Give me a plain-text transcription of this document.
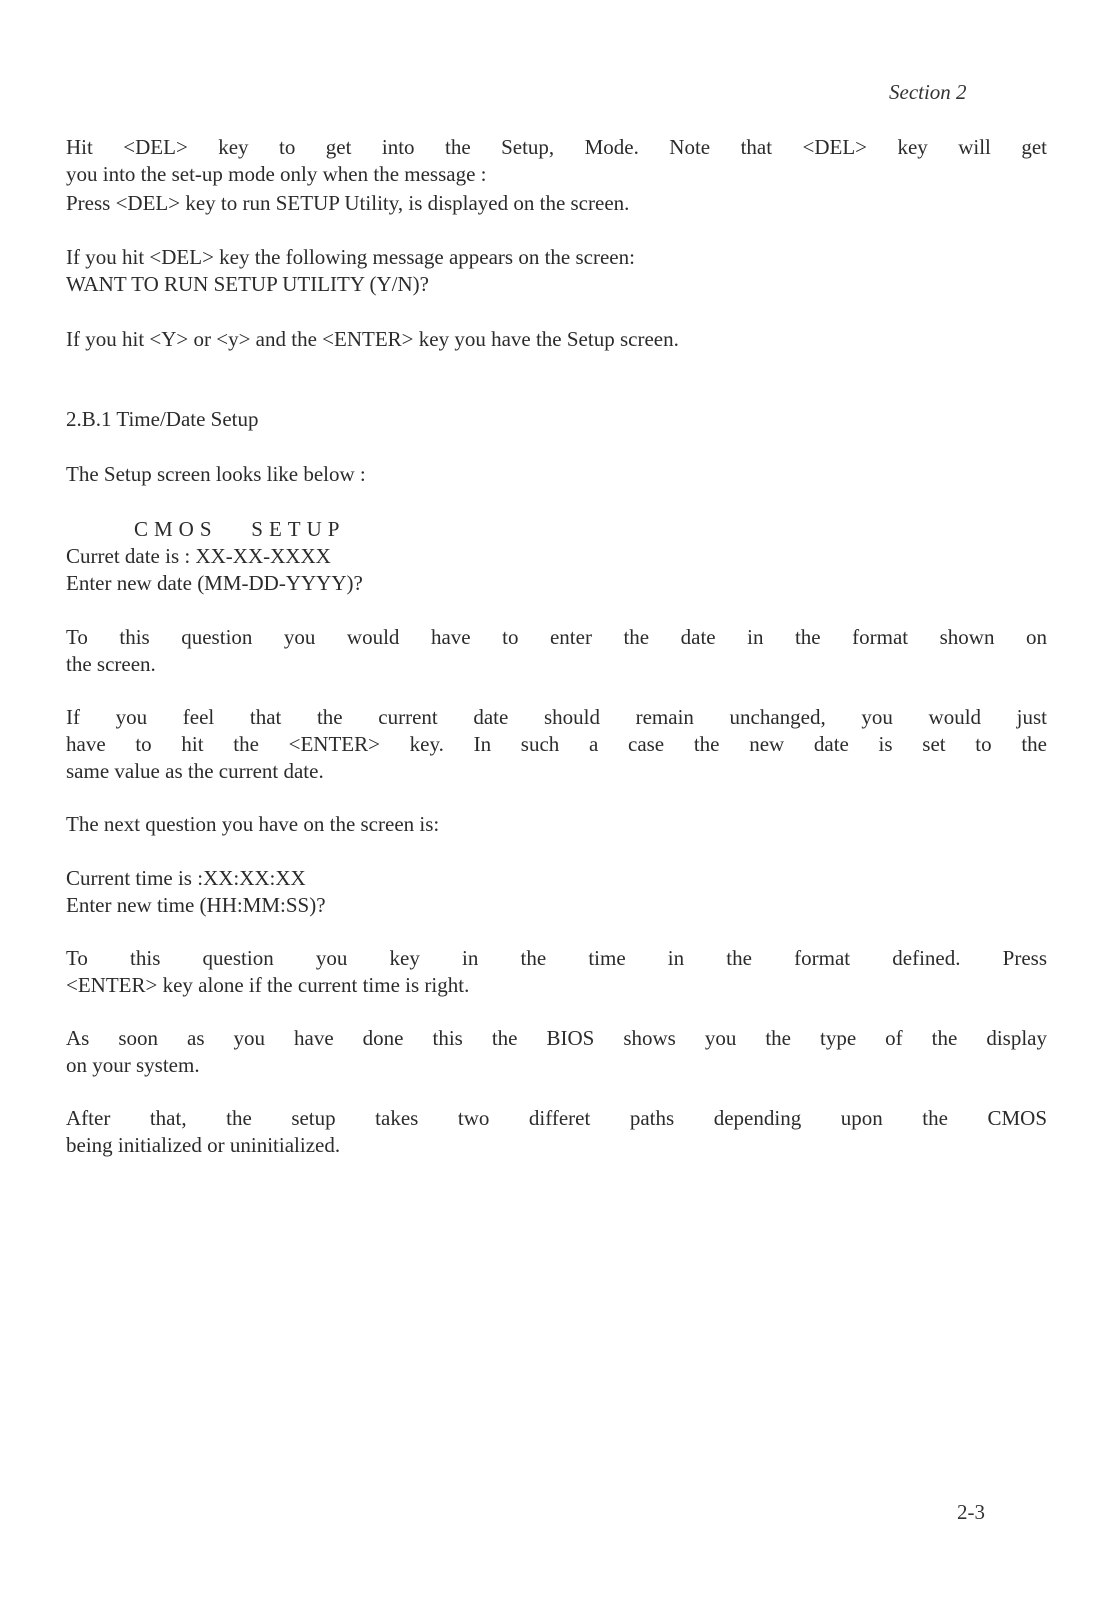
Section 2
Hit <DEL> key to get into the Setup, Mode. Note that <DEL> key will get
you into the set-up mode only when the message :
Press <DEL> key to run SETUP Utility, is displayed on the screen.
If you hit <DEL> key the following message appears on the screen:
WANT TO RUN SETUP UTILITY (Y/N)?
If you hit <Y> or <y> and the <ENTER> key you have the Setup screen.
2.B.1 Time/Date Setup
The Setup screen looks like below :
CMOS   SETUP
Curret date is : XX-XX-XXXX
Enter new date (MM-DD-YYYY)?
To this question you would have to enter the date in the format shown on
the screen.
If you feel that the current date should remain unchanged, you would just
have to hit the <ENTER> key. In such a case the new date is set to the
same value as the current date.
The next question you have on the screen is:
Current time is :XX:XX:XX
Enter new time (HH:MM:SS)?
To this question you key in the time in the format defined. Press
<ENTER> key alone if the current time is right.
As soon as you have done this the BIOS shows you the type of the display
on your system.
After that, the setup takes two differet paths depending upon the CMOS
being initialized or uninitialized.
2-3
